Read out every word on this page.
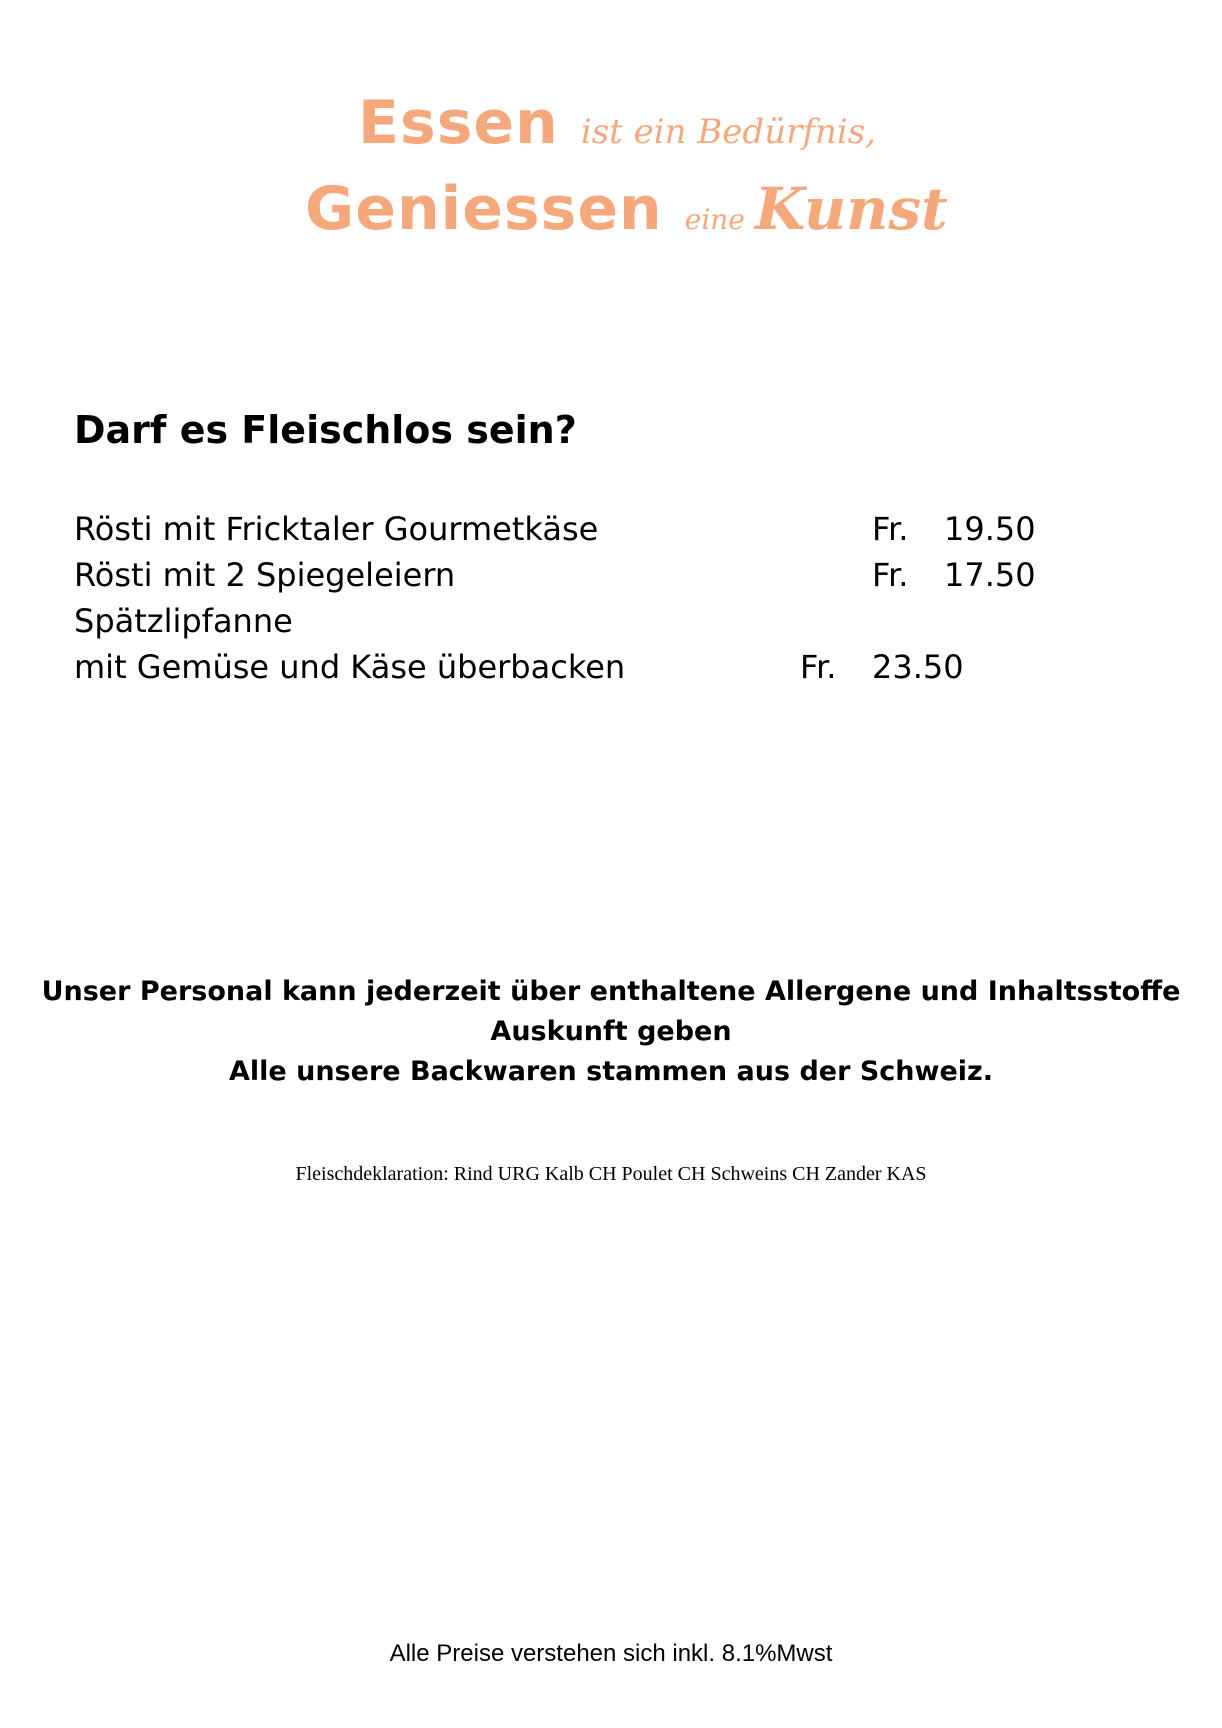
Essen ist ein Bedürfnis,
Geniessen eine Kunst
Darf es Fleischlos sein?
Rösti mit Fricktaler Gourmetkäse	Fr. 19.50
Rösti mit 2 Spiegeleiern	Fr. 17.50
Spätzlipfanne
mit Gemüse und Käse überbacken	Fr. 23.50
Unser Personal kann jederzeit über enthaltene Allergene und Inhaltsstoffe
Auskunft geben
Alle unsere Backwaren stammen aus der Schweiz.
Fleischdeklaration: Rind URG Kalb CH Poulet CH Schweins CH Zander KAS
Alle Preise verstehen sich inkl. 8.1%Mwst
